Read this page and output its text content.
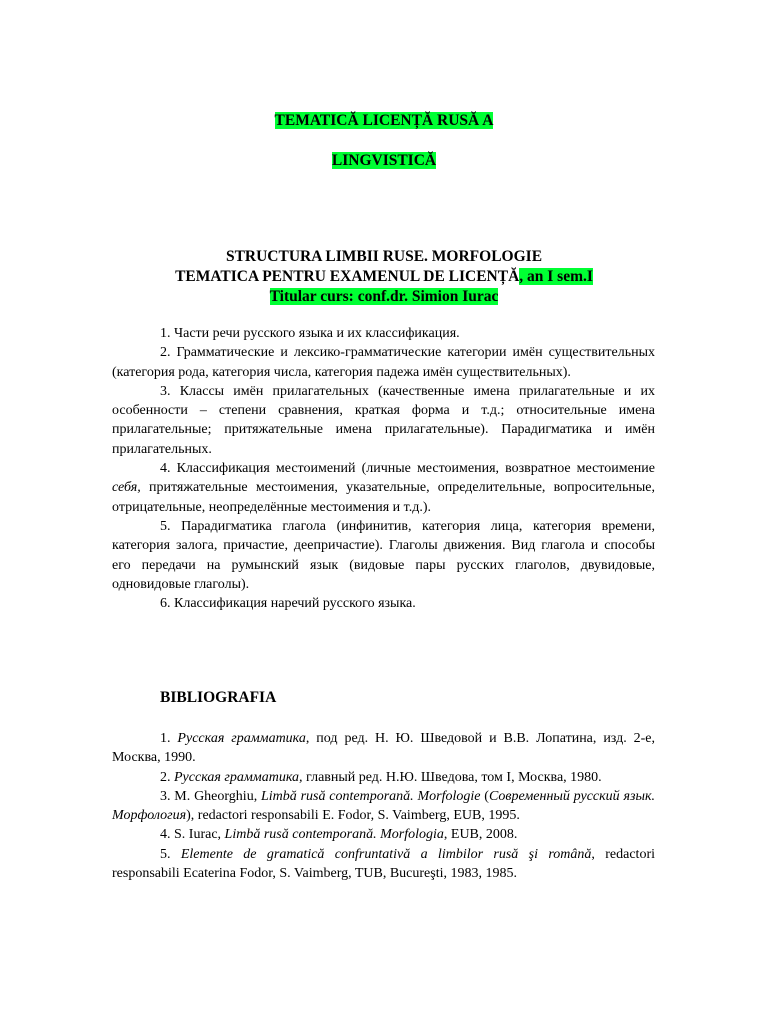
TEMATICĂ LICENȚĂ RUSĂ A
LINGVISTICĂ
STRUCTURA LIMBII RUSE. MORFOLOGIE
TEMATICA PENTRU EXAMENUL DE LICENȚĂ, an I sem.I
Titular curs: conf.dr. Simion Iurac

1. Части речи русского языка и их классификация.

2. Грамматические и лексико-грамматические категории имён существительных (категория рода, категория числа, категория падежа имён существительных).

3. Классы имён прилагательных (качественные имена прилагательные и их особенности – степени сравнения, краткая форма и т.д.; относительные имена прилагательные; притяжательные имена прилагательные). Парадигматика и имён прилагательных.

4. Классификация местоимений (личные местоимения, возвратное местоимение себя, притяжательные местоимения, указательные, определительные, вопросительные, отрицательные, неопределённые местоимения и т.д.).

5. Парадигматика глагола (инфинитив, категория лица, категория времени, категория залога, причастие, деепричастие). Глаголы движения. Вид глагола и способы его передачи на румынский язык (видовые пары русских глаголов, двувидовые, одновидовые глаголы).

6. Классификация наречий русского языка.

BIBLIOGRAFIA

1. Русская грамматика, под ред. Н. Ю. Шведовой и В.В. Лопатина, изд. 2-е, Москва, 1990.

2. Русская грамматика, главный ред. Н.Ю. Шведова, том I, Москва, 1980.

3. M. Gheorghiu, Limbă rusă contemporană. Morfologie (Современный русский язык. Морфология), redactori responsabili E. Fodor, S. Vaimberg, EUB, 1995.

4. S. Iurac, Limbă rusă contemporană. Morfologia, EUB, 2008.

5. Elemente de gramatică confruntativă a limbilor rusă şi română, redactori responsabili Ecaterina Fodor, S. Vaimberg, TUB, Bucureşti, 1983, 1985.
